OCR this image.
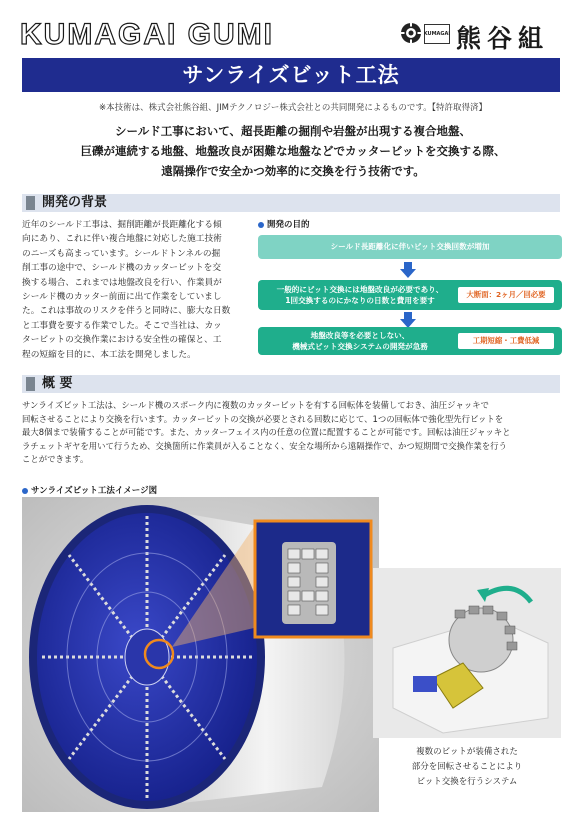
KUMAGAI GUMI	KUMAGAI 熊谷組
サンライズビット工法
※本技術は、株式会社熊谷組、JIMテクノロジー株式会社との共同開発によるものです。【特許取得済】
シールド工事において、超長距離の掘削や岩盤が出現する複合地盤、
巨礫が連続する地盤、地盤改良が困難な地盤などでカッタービットを交換する際、
遠隔操作で安全かつ効率的に交換を行う技術です。
開発の背景
近年のシールド工事は、掘削距離が長距離化する傾
向にあり、これに伴い複合地盤に対応した施工技術
のニーズも高まっています。シールドトンネルの掘
削工事の途中で、シールド機のカッタービットを交
換する場合、これまでは地盤改良を行い、作業員が
シールド機のカッター前面に出て作業をしていまし
た。これは事故のリスクを伴うと同時に、膨大な日数
と工事費を要する作業でした。そこで当社は、カッ
タービットの交換作業における安全性の確保と、工
程の短縮を目的に、本工法を開発しました。
開発の目的
シールド長距離化に伴いビット交換回数が増加
一般的にビット交換には地盤改良が必要であり、
1回交換するのにかなりの日数と費用を要す
大断面：2ヶ月／回必要
地盤改良等を必要としない、
機械式ビット交換システムの開発が急務
工期短縮・工費低減
概 要
サンライズビット工法は、シールド機のスポーク内に複数のカッタービットを有する回転体を装備しておき、油圧ジャッキで
回転させることにより交換を行います。カッタービットの交換が必要とされる回数に応じて、1つの回転体で強化型先行ビットを
最大8個まで装備することが可能です。また、カッターフェイス内の任意の位置に配置することが可能です。回転は油圧ジャッキと
ラチェットギヤを用いて行うため、交換箇所に作業員が入ることなく、安全な場所から遠隔操作で、かつ短期間で交換作業を行う
ことができます。
サンライズビット工法イメージ図
複数のビットが装備された
部分を回転させることにより
ビット交換を行うシステム
